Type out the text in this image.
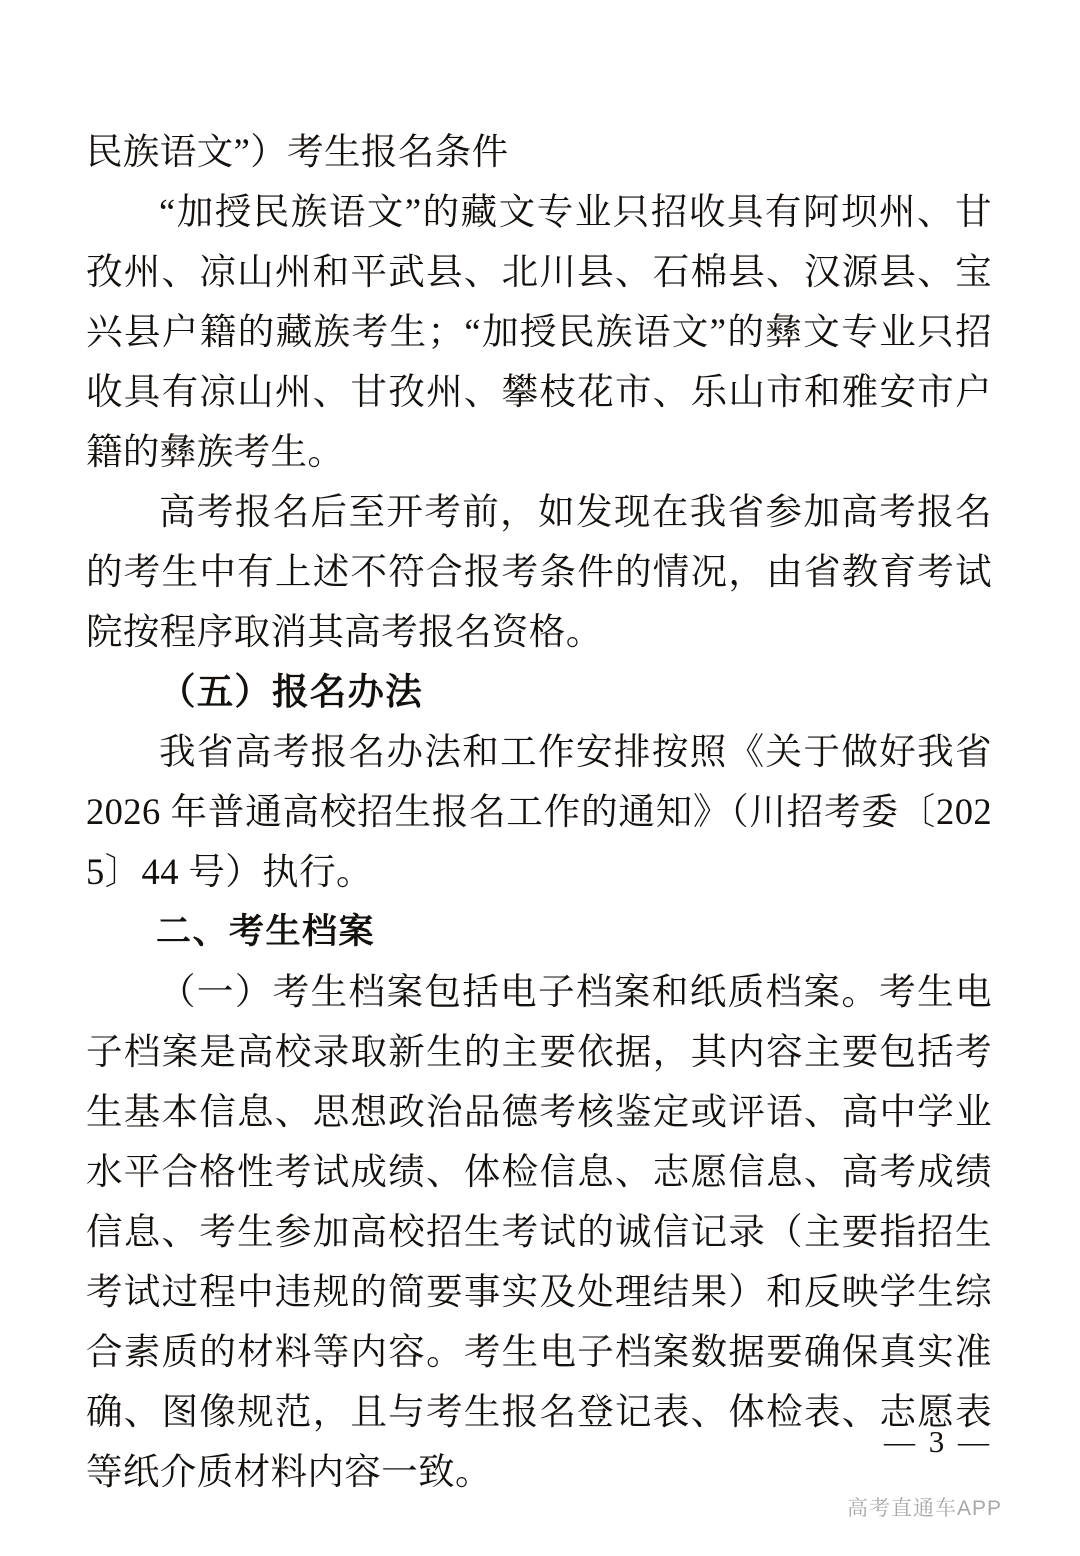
民族语文”）考生报名条件

“加授民族语文”的藏文专业只招收具有阿坝州、甘孜州、凉山州和平武县、北川县、石棉县、汉源县、宝兴县户籍的藏族考生；“加授民族语文”的彝文专业只招收具有凉山州、甘孜州、攀枝花市、乐山市和雅安市户籍的彝族考生。

高考报名后至开考前，如发现在我省参加高考报名的考生中有上述不符合报考条件的情况，由省教育考试院按程序取消其高考报名资格。

（五）报名办法

我省高考报名办法和工作安排按照《关于做好我省 2026 年普通高校招生报名工作的通知》（川招考委〔2025〕44 号）执行。

二、考生档案

（一）考生档案包括电子档案和纸质档案。考生电子档案是高校录取新生的主要依据，其内容主要包括考生基本信息、思想政治品德考核鉴定或评语、高中学业水平合格性考试成绩、体检信息、志愿信息、高考成绩信息、考生参加高校招生考试的诚信记录（主要指招生考试过程中违规的简要事实及处理结果）和反映学生综合素质的材料等内容。考生电子档案数据要确保真实准确、图像规范，且与考生报名登记表、体检表、志愿表等纸介质材料内容一致。

— 3 —
高考直通车APP
